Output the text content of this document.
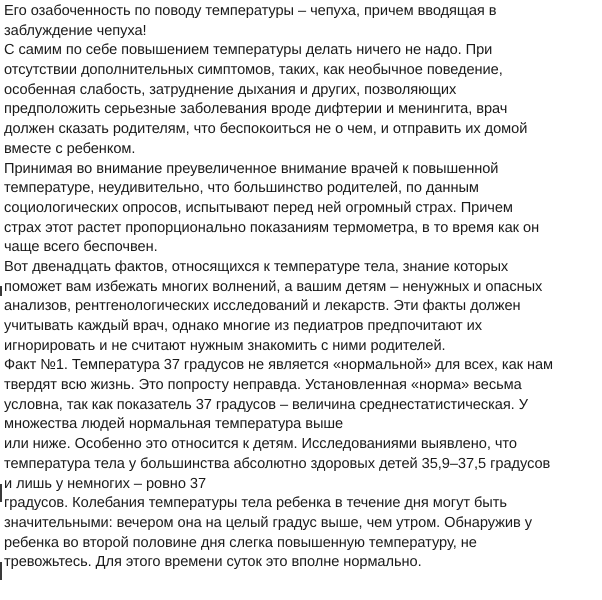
Его озабоченность по поводу температуры – чепуха, причем вводящая в
заблуждение чепуха!
С самим по себе повышением температуры делать ничего не надо. При
отсутствии дополнительных симптомов, таких, как необычное поведение,
особенная слабость, затруднение дыхания и других, позволяющих
предположить серьезные заболевания вроде дифтерии и менингита, врач
должен сказать родителям, что беспокоиться не о чем, и отправить их домой
вместе с ребенком.
Принимая во внимание преувеличенное внимание врачей к повышенной
температуре, неудивительно, что большинство родителей, по данным
социологических опросов, испытывают перед ней огромный страх. Причем
страх этот растет пропорционально показаниям термометра, в то время как он
чаще всего беспочвен.
Вот двенадцать фактов, относящихся к температуре тела, знание которых
поможет вам избежать многих волнений, а вашим детям – ненужных и опасных
анализов, рентгенологических исследований и лекарств. Эти факты должен
учитывать каждый врач, однако многие из педиатров предпочитают их
игнорировать и не считают нужным знакомить с ними родителей.
Факт №1. Температура 37 градусов не является «нормальной» для всех, как нам
твердят всю жизнь. Это попросту неправда. Установленная «норма» весьма
условна, так как показатель 37 градусов – величина среднестатистическая. У
множества людей нормальная температура выше
или ниже. Особенно это относится к детям. Исследованиями выявлено, что
температура тела у большинства абсолютно здоровых детей 35,9–37,5 градусов
и лишь у немногих – ровно 37
градусов. Колебания температуры тела ребенка в течение дня могут быть
значительными: вечером она на целый градус выше, чем утром. Обнаружив у
ребенка во второй половине дня слегка повышенную температуру, не
тревожьтесь. Для этого времени суток это вполне нормально.
